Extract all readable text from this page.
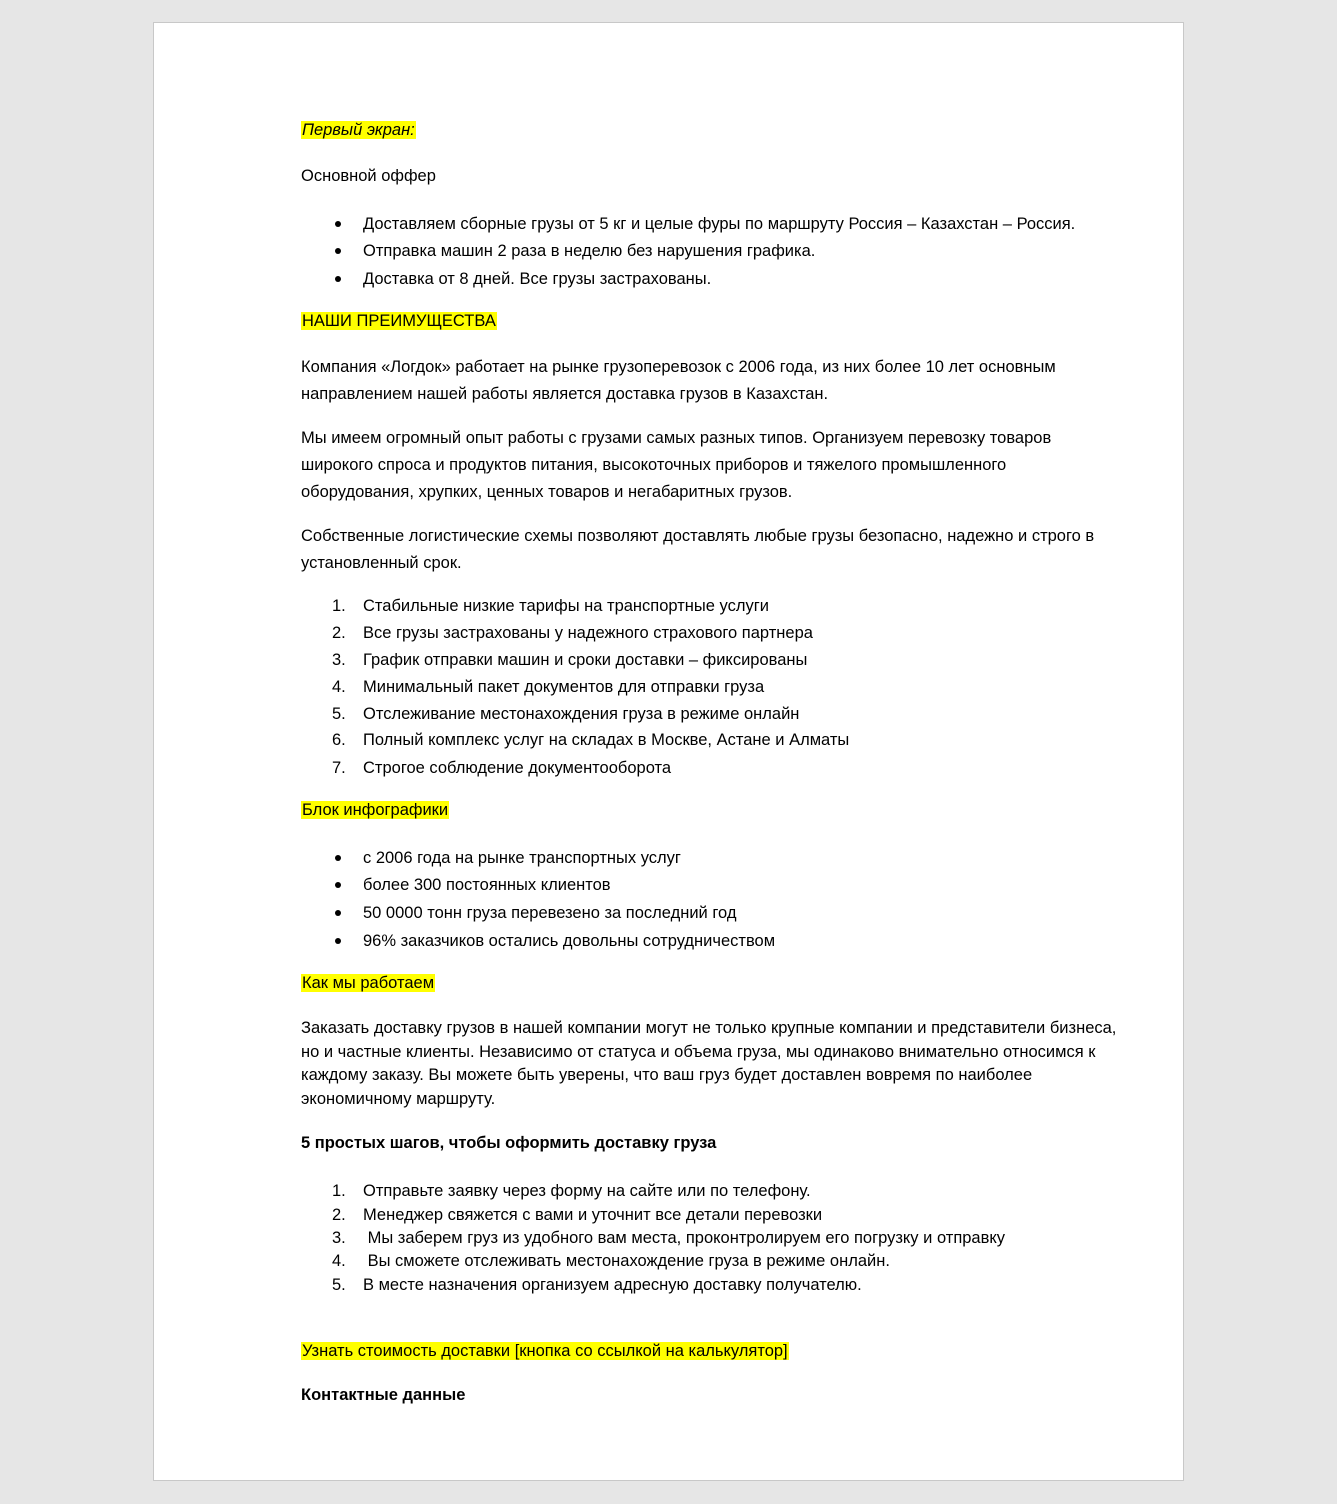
Первый экран:
Основной оффер
Доставляем сборные грузы от 5 кг и целые фуры по маршруту Россия – Казахстан – Россия.
Отправка машин 2 раза в неделю без нарушения графика.
Доставка от 8 дней. Все грузы застрахованы.
НАШИ ПРЕИМУЩЕСТВА
Компания «Логдок» работает на рынке грузоперевозок с 2006 года, из них более 10 лет основным направлением нашей работы является доставка грузов в Казахстан.
Мы имеем огромный опыт работы с грузами самых разных типов. Организуем перевозку товаров широкого спроса и продуктов питания, высокоточных приборов и тяжелого промышленного оборудования, хрупких, ценных товаров и негабаритных грузов.
Собственные логистические схемы позволяют доставлять любые грузы безопасно, надежно и строго в установленный срок.
1. Стабильные низкие тарифы на транспортные услуги
2. Все грузы застрахованы у надежного страхового партнера
3. График отправки машин и сроки доставки – фиксированы
4. Минимальный пакет документов для отправки груза
5. Отслеживание местонахождения груза в режиме онлайн
6. Полный комплекс услуг на складах в Москве, Астане и Алматы
7. Строгое соблюдение документооборота
Блок инфографики
с 2006 года на рынке транспортных услуг
более 300 постоянных клиентов
50 0000 тонн груза перевезено за последний год
96% заказчиков остались довольны сотрудничеством
Как мы работаем
Заказать доставку грузов в нашей компании могут не только крупные компании и представители бизнеса, но и частные клиенты. Независимо от статуса и объема груза, мы одинаково внимательно относимся к каждому заказу. Вы можете быть уверены, что ваш груз будет доставлен вовремя по наиболее экономичному маршруту.
5 простых шагов, чтобы оформить доставку груза
1. Отправьте заявку через форму на сайте или по телефону.
2. Менеджер свяжется с вами и уточнит все детали перевозки
3. Мы заберем груз из удобного вам места, проконтролируем его погрузку и отправку
4. Вы сможете отслеживать местонахождение груза в режиме онлайн.
5. В месте назначения организуем адресную доставку получателю.
Узнать стоимость доставки [кнопка со ссылкой на калькулятор]
Контактные данные
